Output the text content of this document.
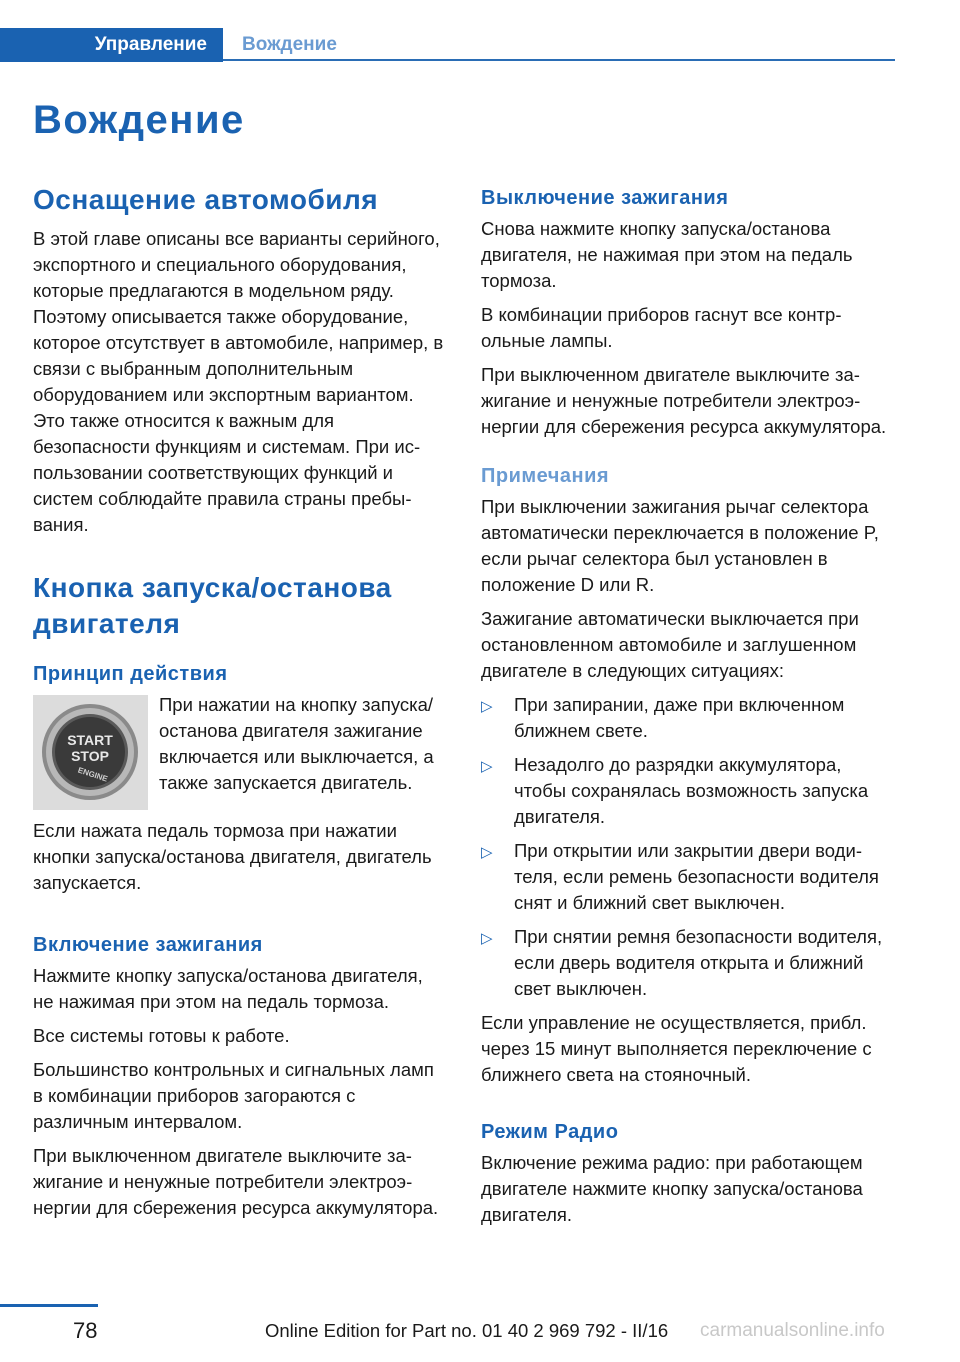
Управление	Вождение
Вождение
Оснащение автомобиля

В этой главе описаны все варианты серийного, экспортного и специального оборудования, которые предлагаются в модельном ряду. Поэтому описывается также оборудование, которое отсутствует в автомобиле, например, в связи с выбранным дополнительным оборудованием или экспортным вариантом. Это также относится к важным для безопасности функциям и системам. При использовании соответствующих функций и систем соблюдайте правила страны пребывания.

Кнопка запуска/останова двигателя
Принцип действия
START
STOP
ENGINE
При нажатии на кнопку запуска/останова двигателя зажигание включается или выключается, а также запускается двигатель.

Если нажата педаль тормоза при нажатии кнопки запуска/останова двигателя, двигатель запускается.

Включение зажигания

Нажмите кнопку запуска/останова двигателя, не нажимая при этом на педаль тормоза.

Все системы готовы к работе.

Большинство контрольных и сигнальных ламп в комбинации приборов загораются с различным интервалом.

При выключенном двигателе выключите зажигание и ненужные потребители электроэнергии для сбережения ресурса аккумулятора.

Выключение зажигания

Снова нажмите кнопку запуска/останова двигателя, не нажимая при этом на педаль тормоза.

В комбинации приборов гаснут все контрольные лампы.

При выключенном двигателе выключите зажигание и ненужные потребители электроэнергии для сбережения ресурса аккумулятора.

Примечания

При выключении зажигания рычаг селектора автоматически переключается в положение P, если рычаг селектора был установлен в положение D или R.

Зажигание автоматически выключается при остановленном автомобиле и заглушенном двигателе в следующих ситуациях:

▷ При запирании, даже при включенном ближнем свете.
▷ Незадолго до разрядки аккумулятора, чтобы сохранялась возможность запуска двигателя.
▷ При открытии или закрытии двери водителя, если ремень безопасности водителя снят и ближний свет выключен.
▷ При снятии ремня безопасности водителя, если дверь водителя открыта и ближний свет выключен.

Если управление не осуществляется, прибл. через 15 минут выполняется переключение с ближнего света на стояночный.

Режим Радио

Включение режима радио: при работающем двигателе нажмите кнопку запуска/останова двигателя.

78	Online Edition for Part no. 01 40 2 969 792 - II/16 carmanualsonline.info
